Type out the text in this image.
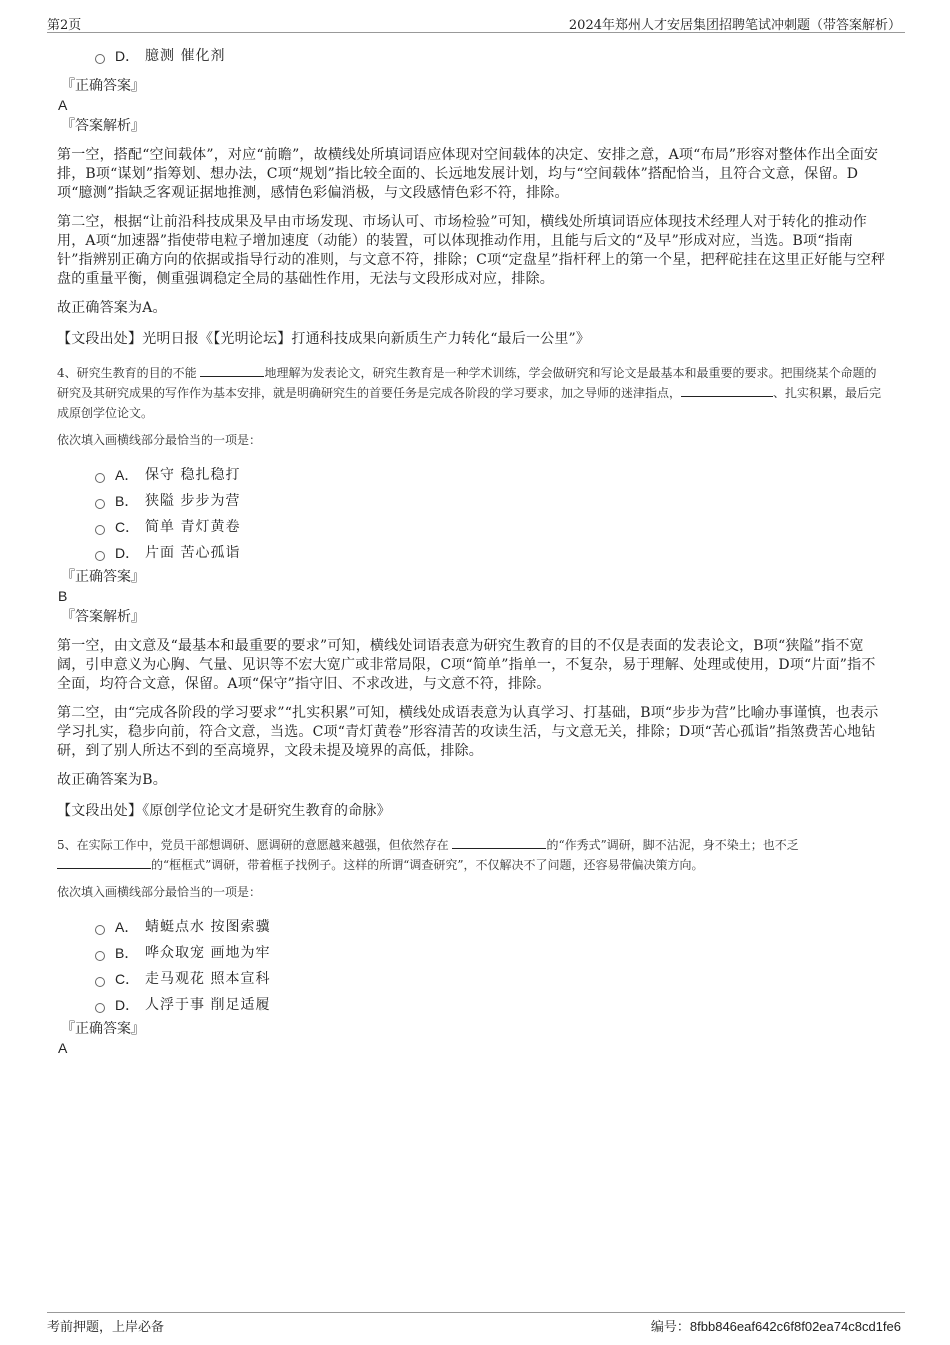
第2页	2024年郑州人才安居集团招聘笔试冲刺题（带答案解析）
D． 臆测 催化剂
『正确答案』
A
『答案解析』

第一空，搭配“空间载体”，对应“前瞻”，故横线处所填词语应体现对空间载体的决定、安排之意，A项“布局”形容对整体作出全面安排，B项“谋划”指筹划、想办法，C项“规划”指比较全面的、长远地发展计划，均与“空间载体”搭配恰当，且符合文意，保留。D项“臆测”指缺乏客观证据地推测，感情色彩偏消极，与文段感情色彩不符，排除。

第二空，根据“让前沿科技成果及早由市场发现、市场认可、市场检验”可知，横线处所填词语应体现技术经理人对于转化的推动作用，A项“加速器”指使带电粒子增加速度（动能）的装置，可以体现推动作用，且能与后文的“及早”形成对应，当选。B项“指南针”指辨别正确方向的依据或指导行动的准则，与文意不符，排除；C项“定盘星”指杆秤上的第一个星，把秤砣挂在这里正好能与空秤盘的重量平衡，侧重强调稳定全局的基础性作用，无法与文段形成对应，排除。

故正确答案为A。

【文段出处】光明日报《【光明论坛】打通科技成果向新质生产力转化“最后一公里”》

4、研究生教育的目的不能	地理解为发表论文，研究生教育是一种学术训练，学会做研究和写论文是最基本和最重要的要求。把围绕某个命题的研究及其研究成果的写作作为基本安排，就是明确研究生的首要任务是完成各阶段的学习要求，加之导师的迷津指点，	、扎实积累，最后完成原创学位论文。

依次填入画横线部分最恰当的一项是：

A． 保守 稳扎稳打
B． 狭隘 步步为营
C． 简单 青灯黄卷
D． 片面 苦心孤诣
『正确答案』
B
『答案解析』

第一空，由文意及“最基本和最重要的要求”可知，横线处词语表意为研究生教育的目的不仅是表面的发表论文，B项“狭隘”指不宽阔，引申意义为心胸、气量、见识等不宏大宽广或非常局限，C项“简单”指单一，不复杂，易于理解、处理或使用，D项“片面”指不全面，均符合文意，保留。A项“保守”指守旧、不求改进，与文意不符，排除。

第二空，由“完成各阶段的学习要求”“扎实积累”可知，横线处成语表意为认真学习、打基础，B项“步步为营”比喻办事谨慎，也表示学习扎实，稳步向前，符合文意，当选。C项“青灯黄卷”形容清苦的攻读生活，与文意无关，排除；D项“苦心孤诣”指煞费苦心地钻研，到了别人所达不到的至高境界，文段未提及境界的高低，排除。

故正确答案为B。

【文段出处】《原创学位论文才是研究生教育的命脉》

5、在实际工作中，党员干部想调研、愿调研的意愿越来越强，但依然存在	的“作秀式”调研，脚不沾泥，身不染土；也不乏
的“框框式”调研，带着框子找例子。这样的所谓“调查研究”，不仅解决不了问题，还容易带偏决策方向。

依次填入画横线部分最恰当的一项是：

A． 蜻蜓点水 按图索骥
B． 哗众取宠 画地为牢
C． 走马观花 照本宣科
D． 人浮于事 削足适履
『正确答案』
A
考前押题，上岸必备	编号：8fbb846eaf642c6f8f02ea74c8cd1fe6
